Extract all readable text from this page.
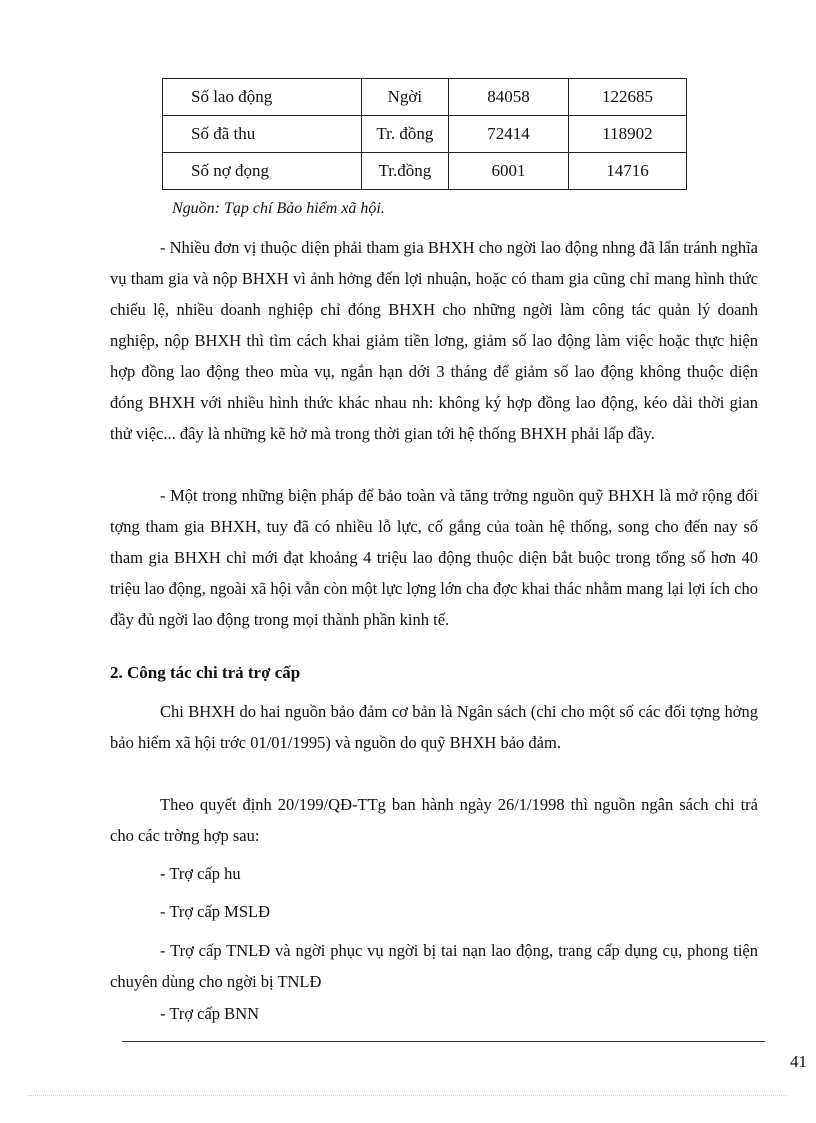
Số lao động	Ngời	84058	122685
Số đã thu	Tr. đồng	72414	118902
Số nợ đọng	Tr.đồng	6001	14716
Nguồn: Tạp chí Bảo hiểm xã hội.

- Nhiều đơn vị thuộc diện phải tham gia BHXH cho ngời lao động nhng đã lẩn tránh nghĩa vụ tham gia và nộp BHXH vì ảnh hởng đến lợi nhuận, hoặc có tham gia cũng chỉ mang hình thức chiếu lệ, nhiều doanh nghiệp chỉ đóng BHXH cho những ngời làm công tác quản lý doanh nghiệp, nộp BHXH thì tìm cách khai giảm tiền lơng, giảm số lao động làm việc hoặc thực hiện hợp đồng lao động theo mùa vụ, ngắn hạn dới 3 tháng để giảm số lao động không thuộc diện đóng BHXH với nhiều hình thức khác nhau nh: không ký hợp đồng lao động, kéo dài thời gian thử việc... đây là những kẽ hở mà trong thời gian tới hệ thống BHXH phải lấp đầy.

- Một trong những biện pháp để bảo toàn và tăng trởng nguồn quỹ BHXH là mở rộng đối tợng tham gia BHXH, tuy đã có nhiều lỗ lực, cố gắng của toàn hệ thống, song cho đến nay số tham gia BHXH chỉ mới đạt khoảng 4 triệu lao động thuộc diện bắt buộc trong tổng số hơn 40 triệu lao động, ngoài xã hội vẫn còn một lực lợng lớn cha đợc khai thác nhằm mang lại lợi ích cho đầy đủ ngời lao động trong mọi thành phần kinh tế.

2. Công tác chi trả trợ cấp

Chi BHXH do hai nguồn bảo đảm cơ bản là Ngân sách (chi cho một số các đối tợng hởng bảo hiểm xã hội trớc 01/01/1995) và nguồn do quỹ BHXH bảo đảm.

Theo quyết định 20/199/QĐ-TTg ban hành ngày 26/1/1998 thì nguồn ngân sách chi trả cho các trờng hợp sau:

- Trợ cấp hu
- Trợ cấp MSLĐ

- Trợ cấp TNLĐ và ngời phục vụ ngời bị tai nạn lao động, trang cấp dụng cụ, phong tiện chuyên dùng cho ngời bị TNLĐ

- Trợ cấp BNN
41
